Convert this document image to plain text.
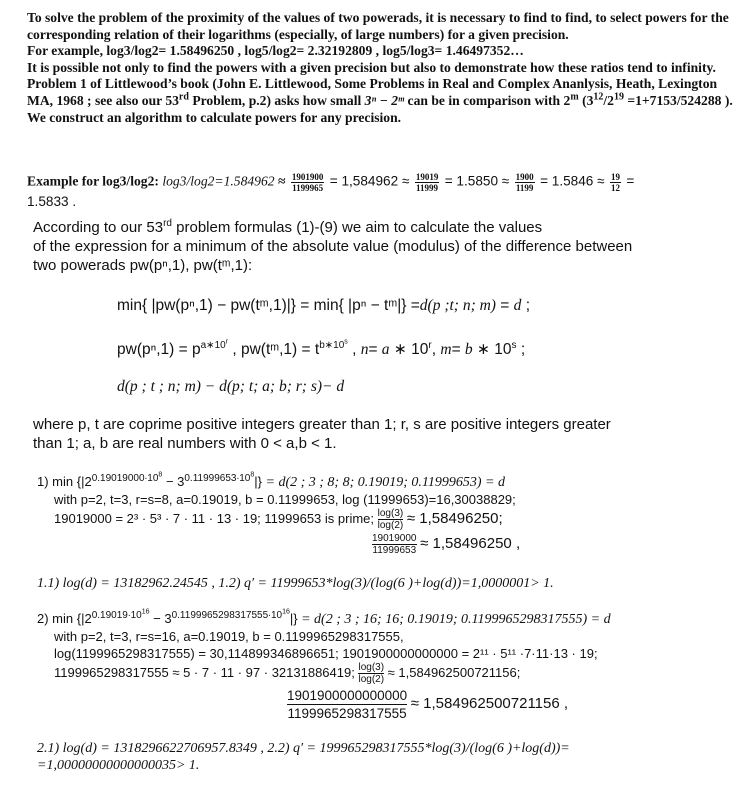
To solve the problem of the proximity of the values of two powerads, it is necessary to find to find, to select powers for the corresponding relation of their logarithms (especially, of large numbers) for a given precision.

For example, log3/log2= 1.58496250 , log5/log2= 2.32192809 , log5/log3= 1.46497352…

It is possible not only to find the powers with a given precision but also to demonstrate how these ratios tend to infinity. Problem 1 of Littlewood’s book (John E. Littlewood, Some Problems in Real and Complex Ananlysis, Heath, Lexington MA, 1968 ; see also our 53rd Problem, p.2) asks how small 3ⁿ − 2ᵐ can be in comparison with 2$^m$ ($3^{12}/2^{19} =1+7153/524288$ ).

We construct an algorithm to calculate powers for any precision.

Example for log3/log2: $\log 3/\log 2=1.584962 \approx \frac{1901900}{1199965} = 1,584962 \approx \frac{19019}{11999} = 1.5850 \approx \frac{1900}{1199} = 1.5846 \approx \frac{19}{12}$ =
1.5833 .

According to our 53rd problem formulas (1)-(9) we aim to calculate the values

of the expression for a minimum of the absolute value (modulus) of the difference between

two powerads pw(pⁿ,1), pw(tᵐ,1):

min{ |pw(pⁿ,1) − pw(tᵐ,1)|} = min{ |pⁿ − tᵐ|} =d(p ;t; n; m) = d ;
$pw(p^n,1) = p^{a∗10^r}$ , pw(tᵐ,1) = $t^{b∗10^s}$ , n= a ∗ 10$^r$, m= b ∗ 10$^s$ ;
d(p ; t ; n; m) − d(p; t; a; b; r; s)− d

where p, t are coprime positive integers greater than 1; r, s are positive integers greater

than 1; a, b are real numbers with 0 < a,b < 1.

1) $\min \{|2^{0.19019000\cdot 10^8} - 3^{0.11999653\cdot 10^8}|\} = d(2$ ; 3 ; 8; 8; 0.19019; 0.11999653) = d

with p=2, t=3, r=s=8, a=0.19019, b = 0.11999653, log (11999653)=16,30038829;

19019000 = 2³ · 5³ · 7 · 11 · 13 · 19; 11999653 is prime; $\frac{\log(3)}{\log(2)} \approx 1,58496250$;

$\frac{19019000}{11999653} \approx 1,58496250$ ,

1.1) log(d) = 13182962.24545 , 1.2) q′ = 11999653*log(3)/(log(6 )+log(d))=1,0000001> 1.

2) $\min \{|2^{0.19019\cdot 10^{16}} - 3^{0.1199965298317555\cdot 10^{16}}|\} = d(2$ ; 3 ; 16; 16; 0.19019; 0.1199965298317555) = d

with p=2, t=3, r=s=16, a=0.19019, b = 0.1199965298317555,

log(1199965298317555) = 30,114899346896651; 1901900000000000 = 2¹¹ · 5¹¹ ·7·11·13 · 19;

1199965298317555 ≈ 5 · 7 · 11 · 97 · 32131886419; $\frac{\log(3)}{\log(2)} \approx 1,584962500721156$;

$\frac{1901900000000000}{1199965298317555} \approx 1,584962500721156$ ,

2.1) log(d) = 1318296622706957.8349 , 2.2) q′ = 199965298317555*log(3)/(log(6 )+log(d))=

=1,00000000000000035> 1.
